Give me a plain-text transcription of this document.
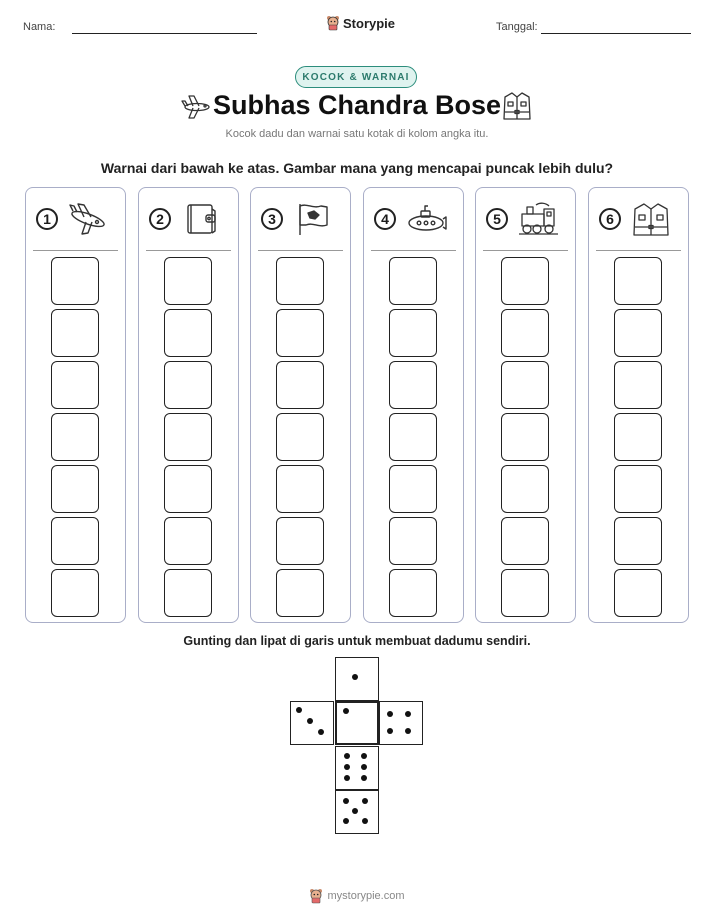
Nama:	Storypie	Tanggal:
KOCOK & WARNAI
Subhas Chandra Bose
Kocok dadu dan warnai satu kotak di kolom angka itu.
Warnai dari bawah ke atas. Gambar mana yang mencapai puncak lebih dulu?
1	2	3	4	5	6
Gunting dan lipat di garis untuk membuat dadumu sendiri.
mystorypie.com
